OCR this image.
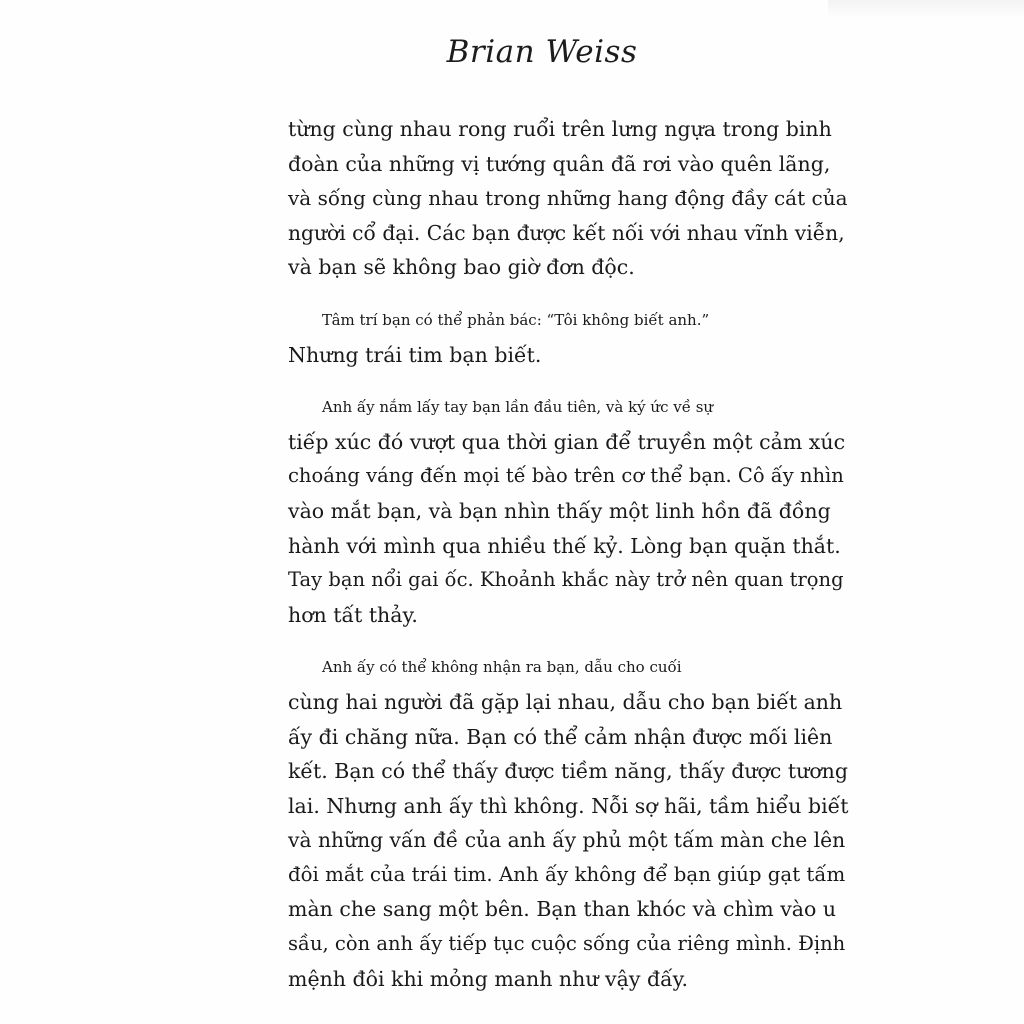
Brian Weiss

từng cùng nhau rong ruổi trên lưng ngựa trong binh
đoàn của những vị tướng quân đã rơi vào quên lãng,
và sống cùng nhau trong những hang động đầy cát của
người cổ đại. Các bạn được kết nối với nhau vĩnh viễn,
và bạn sẽ không bao giờ đơn độc.

Tâm trí bạn có thể phản bác: “Tôi không biết anh.”
Nhưng trái tim bạn biết.

Anh ấy nắm lấy tay bạn lần đầu tiên, và ký ức về sự
tiếp xúc đó vượt qua thời gian để truyền một cảm xúc
choáng váng đến mọi tế bào trên cơ thể bạn. Cô ấy nhìn
vào mắt bạn, và bạn nhìn thấy một linh hồn đã đồng
hành với mình qua nhiều thế kỷ. Lòng bạn quặn thắt.
Tay bạn nổi gai ốc. Khoảnh khắc này trở nên quan trọng
hơn tất thảy.

Anh ấy có thể không nhận ra bạn, dẫu cho cuối
cùng hai người đã gặp lại nhau, dẫu cho bạn biết anh
ấy đi chăng nữa. Bạn có thể cảm nhận được mối liên
kết. Bạn có thể thấy được tiềm năng, thấy được tương
lai. Nhưng anh ấy thì không. Nỗi sợ hãi, tầm hiểu biết
và những vấn đề của anh ấy phủ một tấm màn che lên
đôi mắt của trái tim. Anh ấy không để bạn giúp gạt tấm
màn che sang một bên. Bạn than khóc và chìm vào u
sầu, còn anh ấy tiếp tục cuộc sống của riêng mình. Định
mệnh đôi khi mỏng manh như vậy đấy.
